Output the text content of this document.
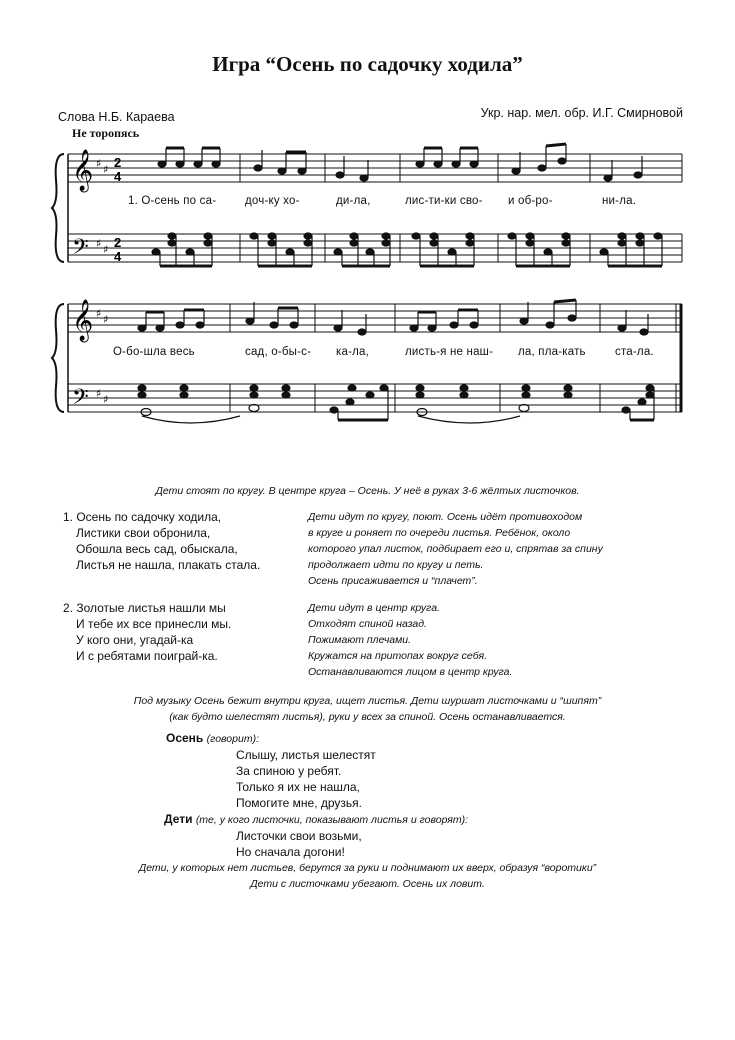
Игра “Осень по садочку ходила”
Слова Н.Б. Караева	Укр. нар. мел. обр. И.Г. Смирновой
Не торопясь
𝄞
𝄢
♯ ♯
♯ ♯
2
4
2
4
1. О-сень по са-	доч-ку хо-	ди-ла,	лис-ти-ки сво- и об-ро-	ни-ла.
𝄞
𝄢
♯ ♯
♯ ♯
О-бо-шла весь	сад, о-бы-с- ка-ла,	листь-я не наш- ла, пла-кать	ста-ла.
Дети стоят по кругу. В центре круга – Осень. У неё в руках 3-6 жёлтых листочков.
1. Осень по садочку ходила,
Листики свои обронила,
Обошла весь сад, обыскала,
Листья не нашла, плакать стала.
Дети идут по кругу, поют. Осень идёт противоходом
в круге и роняет по очереди листья. Ребёнок, около
которого упал листок, подбирает его и, спрятав за спину
продолжает идти по кругу и петь.
Осень присаживается и “плачет”.
2. Золотые листья нашли мы
И тебе их все принесли мы.
У кого они, угадай-ка
И с ребятами поиграй-ка.
Дети идут в центр круга.
Отходят спиной назад.
Пожимают плечами.
Кружатся на притопах вокруг себя.
Останавливаются лицом в центр круга.
Под музыку Осень бежит внутри круга, ищет листья. Дети шуршат листочками и “шипят”
(как будто шелестят листья), руки у всех за спиной. Осень останавливается.
Осень (говорит):
Слышу, листья шелестят
За спиною у ребят.
Только я их не нашла,
Помогите мне, друзья.
Дети (те, у кого листочки, показывают листья и говорят):
Листочки свои возьми,
Но сначала догони!
Дети, у которых нет листьев, берутся за руки и поднимают их вверх, образуя “воротики”
Дети с листочками убегают. Осень их ловит.
